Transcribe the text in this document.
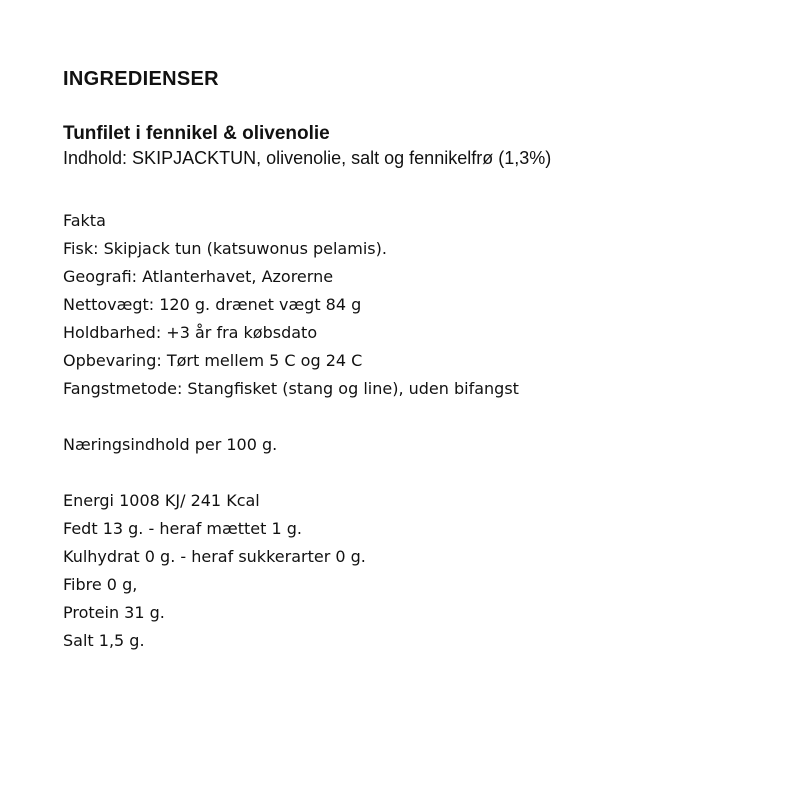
INGREDIENSER
Tunfilet i fennikel & olivenolie

Indhold: SKIPJACKTUN, olivenolie, salt og fennikelfrø (1,3%)

Fakta
Fisk: Skipjack tun (katsuwonus pelamis).
Geografi: Atlanterhavet, Azorerne
Nettovægt: 120 g. drænet vægt 84 g
Holdbarhed: +3 år fra købsdato
Opbevaring: Tørt mellem 5 C og 24 C
Fangstmetode: Stangfisket (stang og line), uden bifangst
Næringsindhold per 100 g.
Energi 1008 KJ/ 241 Kcal
Fedt 13 g. - heraf mættet 1 g.
Kulhydrat 0 g. - heraf sukkerarter 0 g.
Fibre 0 g,
Protein 31 g.
Salt 1,5 g.
